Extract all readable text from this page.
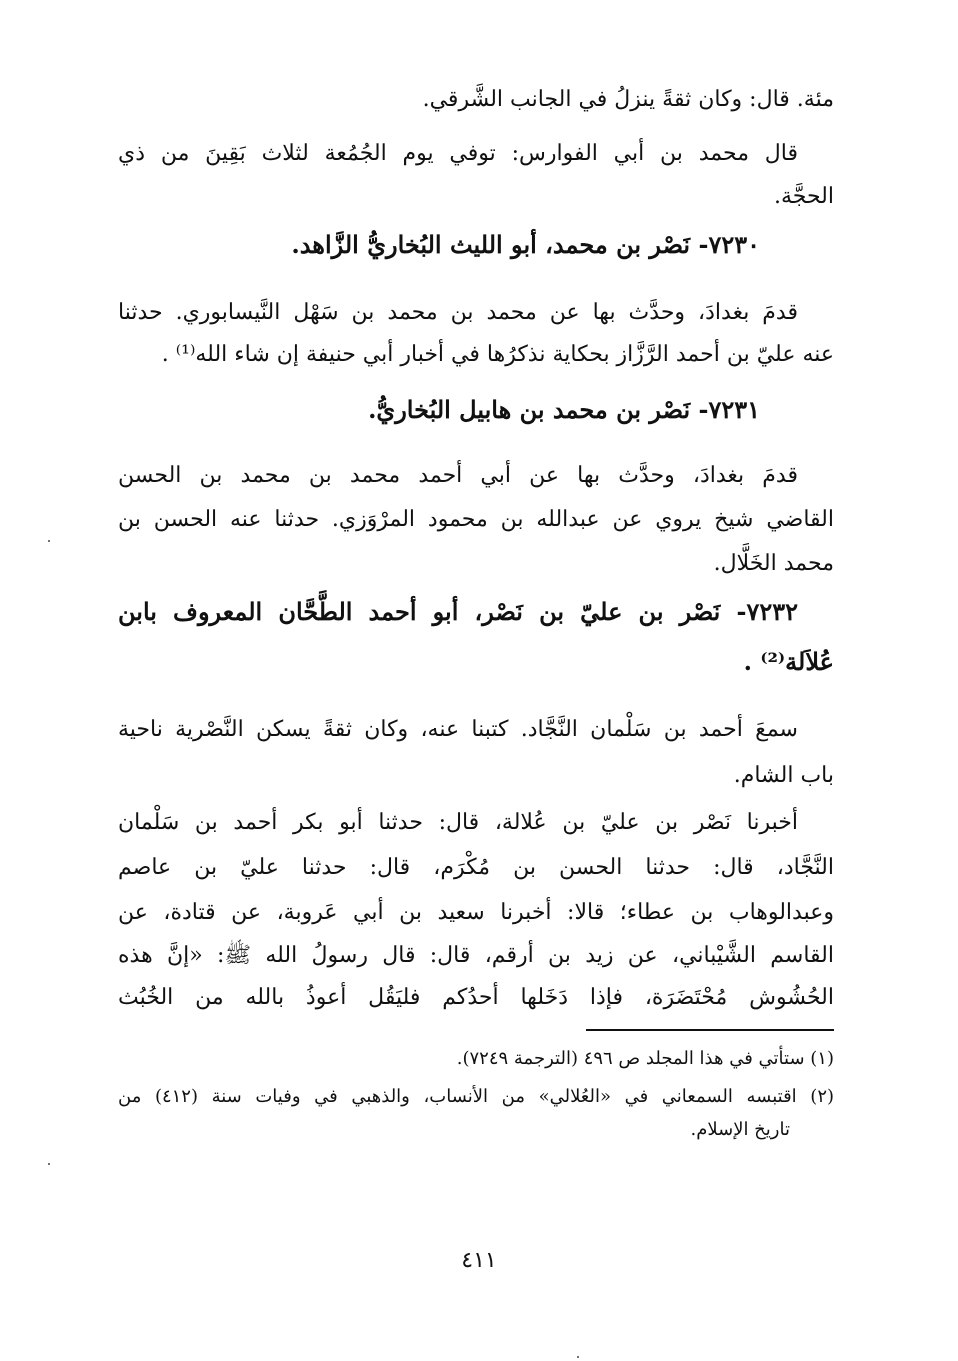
مئة. قال: وكان ثقةً ينزلُ في الجانب الشَّرقي.
قال محمد بن أبي الفوارس: توفي يوم الجُمُعة لثلاث بَقِينَ من ذي
الحجَّة.
٧٢٣٠- نَصْر بن محمد، أبو الليث البُخاريُّ الزَّاهد.
قدمَ بغدادَ، وحدَّث بها عن محمد بن محمد بن سَهْل النَّيسابوري. حدثنا
عنه عليّ بن أحمد الرَّزَّاز بحكاية نذكرُها في أخبار أبي حنيفة إن شاء الله⁽¹⁾ .
٧٢٣١- نَصْر بن محمد بن هابيل البُخاريُّ.
قدمَ بغدادَ، وحدَّث بها عن أبي أحمد محمد بن محمد بن الحسن
القاضي شيخ يروي عن عبدالله بن محمود المرْوَزي. حدثنا عنه الحسن بن
محمد الخَلَّال.
٧٢٣٢- نَصْر بن عليّ بن نَصْر، أبو أحمد الطَّحَّان المعروف بابن
عُلاَلة⁽²⁾ .
سمعَ أحمد بن سَلْمان النَّجَّاد. كتبنا عنه، وكان ثقةً يسكن النَّصْرية ناحية
باب الشام.
أخبرنا نَصْر بن عليّ بن عُلالة، قال: حدثنا أبو بكر أحمد بن سَلْمان
النَّجَّاد، قال: حدثنا الحسن بن مُكْرَم، قال: حدثنا عليّ بن عاصم
وعبدالوهاب بن عطاء؛ قالا: أخبرنا سعيد بن أبي عَروبة، عن قتادة، عن
القاسم الشَّيْباني، عن زيد بن أرقم، قال: قال رسولُ الله ﷺ: «إنَّ هذه
الحُشُوش مُحْتَضَرَة، فإذا دَخَلها أحدُكم فليَقُل أعوذُ بالله من الخُبُث
(١) ستأتي في هذا المجلد ص ٤٩٦ (الترجمة ٧٢٤٩).
(٢) اقتبسه السمعاني في «العُلالي» من الأنساب، والذهبي في وفيات سنة (٤١٢) من
تاريخ الإسلام.
٤١١
